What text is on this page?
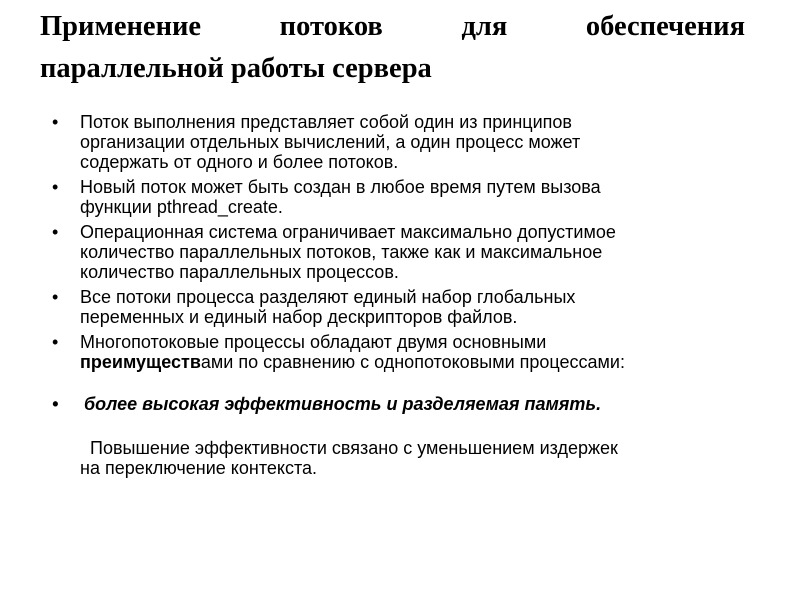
Применение потоков для обеспечения
параллельной работы сервера
•	Поток выполнения представляет собой один из принципов
организации отдельных вычислений, а один процесс может
содержать от одного и более потоков.
•	Новый поток может быть создан в любое время путем вызова
функции pthread_create.
•	Операционная система ограничивает максимально допустимое
количество параллельных потоков, также как и максимальное
количество параллельных процессов.
•	Все потоки процесса разделяют единый набор глобальных
переменных и единый набор дескрипторов файлов.
•	Многопотоковые процессы обладают двумя основными
преимуществами по сравнению с однопотоковыми процессами:
•	более высокая эффективность и разделяемая память.
Повышение эффективности связано с уменьшением издержек
на переключение контекста.
